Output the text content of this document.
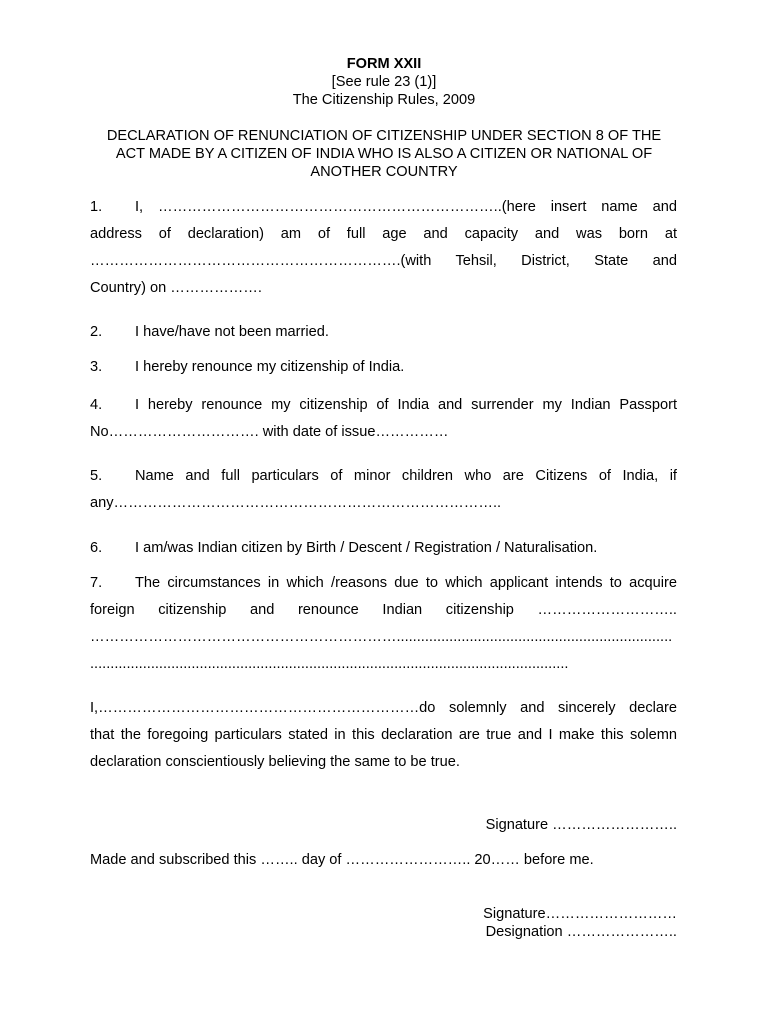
FORM XXII
[See rule 23 (1)]
The Citizenship Rules, 2009
DECLARATION OF RENUNCIATION OF CITIZENSHIP UNDER SECTION 8 OF THE
ACT MADE BY A CITIZEN OF INDIA WHO IS ALSO A CITIZEN OR NATIONAL OF
ANOTHER COUNTRY
1. I, ……………………………………………………………..(here insert name and
address of declaration) am of full age and capacity and was born at
……………………………………………………….(with Tehsil, District, State and
Country) on ……………….
2. I have/have not been married.
3. I hereby renounce my citizenship of India.
4. I hereby renounce my citizenship of India and surrender my Indian Passport
No…………………………. with date of issue……………
5. Name and full particulars of minor children who are Citizens of India, if
any……………………………………………………………………..
6. I am/was Indian citizen by Birth / Descent / Registration / Naturalisation.
7. The circumstances in which /reasons due to which applicant intends to acquire
foreign citizenship and renounce Indian citizenship ………………………..
………………………………………………………....................................................................
......................................................................................................................
I,…………………………………………………………do solemnly and sincerely declare
that the foregoing particulars stated in this declaration are true and I make this solemn
declaration conscientiously believing the same to be true.
Signature ……………………..
Made and subscribed this …….. day of …………………….. 20…… before me.
Signature………………………
Designation …………………..
